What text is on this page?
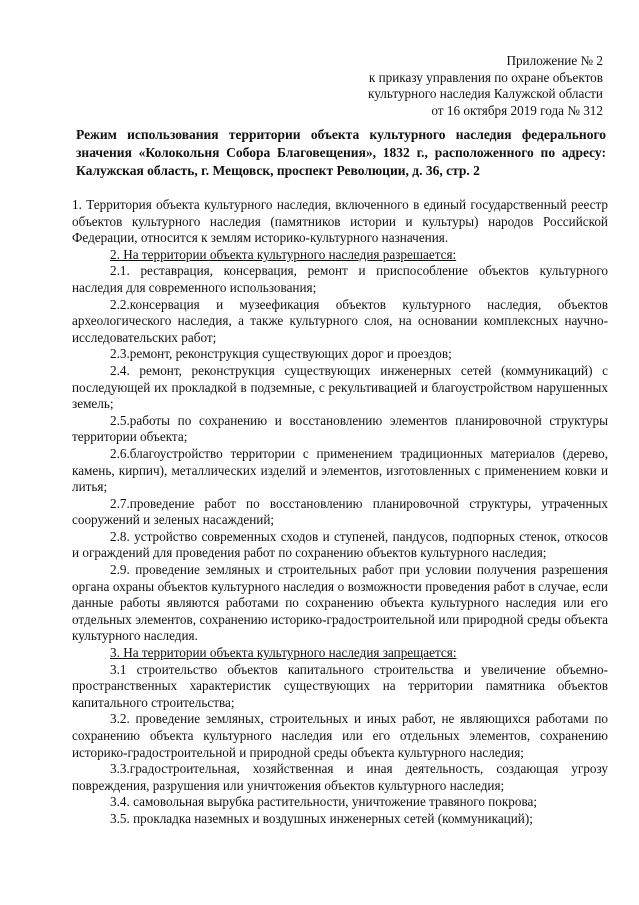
Приложение № 2
к приказу управления по охране объектов
культурного наследия Калужской области
от 16 октября 2019 года № 312
Режим использования территории объекта культурного наследия федерального значения «Колокольня Собора Благовещения», 1832 г., расположенного по адресу: Калужская область, г. Мещовск, проспект Революции, д. 36, стр. 2
1. Территория объекта культурного наследия, включенного в единый государственный реестр объектов культурного наследия (памятников истории и культуры) народов Российской Федерации, относится к землям историко-культурного назначения.
2. На территории объекта культурного наследия разрешается:
2.1. реставрация, консервация, ремонт и приспособление объектов культурного наследия для современного использования;
2.2.консервация и музеефикация объектов культурного наследия, объектов археологического наследия, а также культурного слоя, на основании комплексных научно-исследовательских работ;
2.3.ремонт, реконструкция существующих дорог и проездов;
2.4. ремонт, реконструкция существующих инженерных сетей (коммуникаций) с последующей их прокладкой в подземные, с рекультивацией и благоустройством нарушенных земель;
2.5.работы по сохранению и восстановлению элементов планировочной структуры территории объекта;
2.6.благоустройство территории с применением традиционных материалов (дерево, камень, кирпич), металлических изделий и элементов, изготовленных с применением ковки и литья;
2.7.проведение работ по восстановлению планировочной структуры, утраченных сооружений и зеленых насаждений;
2.8. устройство современных сходов и ступеней, пандусов, подпорных стенок, откосов и ограждений для проведения работ по сохранению объектов культурного наследия;
2.9. проведение земляных и строительных работ при условии получения разрешения органа охраны объектов культурного наследия о возможности проведения работ в случае, если данные работы являются работами по сохранению объекта культурного наследия или его отдельных элементов, сохранению историко-градостроительной или природной среды объекта культурного наследия.
3. На территории объекта культурного наследия запрещается:
3.1 строительство объектов капитального строительства и увеличение объемно-пространственных характеристик существующих на территории памятника объектов капитального строительства;
3.2. проведение земляных, строительных и иных работ, не являющихся работами по сохранению объекта культурного наследия или его отдельных элементов, сохранению историко-градостроительной и природной среды объекта культурного наследия;
3.3.градостроительная, хозяйственная и иная деятельность, создающая угрозу повреждения, разрушения или уничтожения объектов культурного наследия;
3.4. самовольная вырубка растительности, уничтожение травяного покрова;
3.5. прокладка наземных и воздушных инженерных сетей (коммуникаций);
